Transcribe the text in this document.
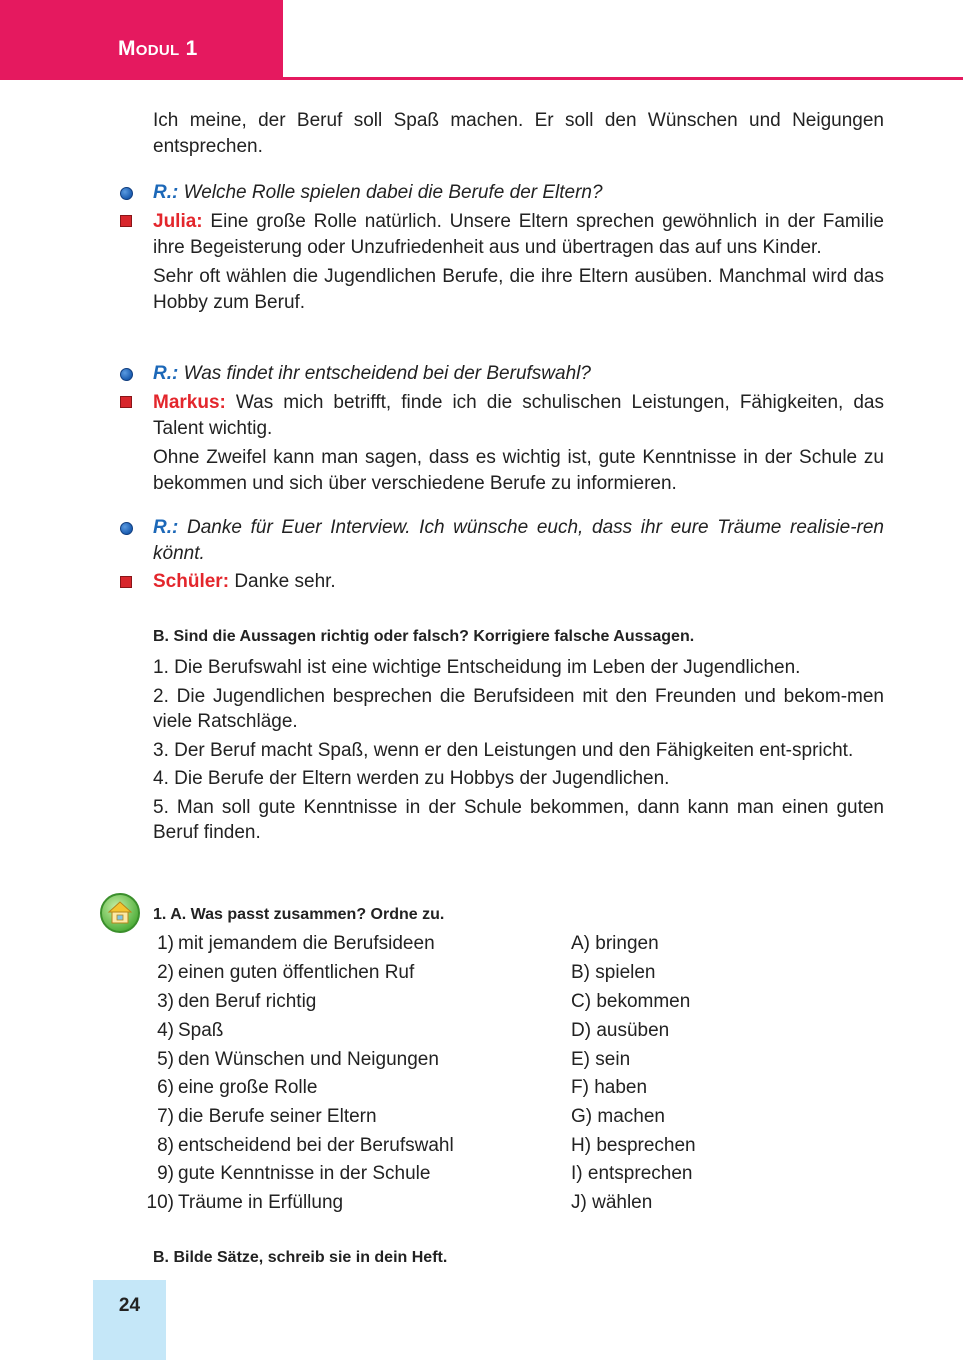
MODUL 1

Ich meine, der Beruf soll Spaß machen. Er soll den Wünschen und Neigungen entsprechen.

R.: Welche Rolle spielen dabei die Berufe der Eltern?

Julia: Eine große Rolle natürlich. Unsere Eltern sprechen gewöhnlich in der Familie ihre Begeisterung oder Unzufriedenheit aus und übertragen das auf uns Kinder.

Sehr oft wählen die Jugendlichen Berufe, die ihre Eltern ausüben. Manchmal wird das Hobby zum Beruf.

R.: Was findet ihr entscheidend bei der Berufswahl?

Markus: Was mich betrifft, finde ich die schulischen Leistungen, Fähigkeiten, das Talent wichtig.

Ohne Zweifel kann man sagen, dass es wichtig ist, gute Kenntnisse in der Schule zu bekommen und sich über verschiedene Berufe zu informieren.

R.: Danke für Euer Interview. Ich wünsche euch, dass ihr eure Träume realisie-ren könnt.

Schüler: Danke sehr.

B. Sind die Aussagen richtig oder falsch? Korrigiere falsche Aussagen.

1. Die Berufswahl ist eine wichtige Entscheidung im Leben der Jugendlichen.

2. Die Jugendlichen besprechen die Berufsideen mit den Freunden und bekom-men viele Ratschläge.

3. Der Beruf macht Spaß, wenn er den Leistungen und den Fähigkeiten ent-spricht.

4. Die Berufe der Eltern werden zu Hobbys der Jugendlichen.

5. Man soll gute Kenntnisse in der Schule bekommen, dann kann man einen guten Beruf finden.

1. A. Was passt zusammen? Ordne zu.
1) mit jemandem die Berufsideen	A) bringen
2) einen guten öffentlichen Ruf	B) spielen
3) den Beruf richtig	C) bekommen
4) Spaß	D) ausüben
5) den Wünschen und Neigungen	E) sein
6) eine große Rolle	F) haben
7) die Berufe seiner Eltern	G) machen
8) entscheidend bei der Berufswahl	H) besprechen
9) gute Kenntnisse in der Schule	I) entsprechen
10) Träume in Erfüllung	J) wählen
B. Bilde Sätze, schreib sie in dein Heft.
24
